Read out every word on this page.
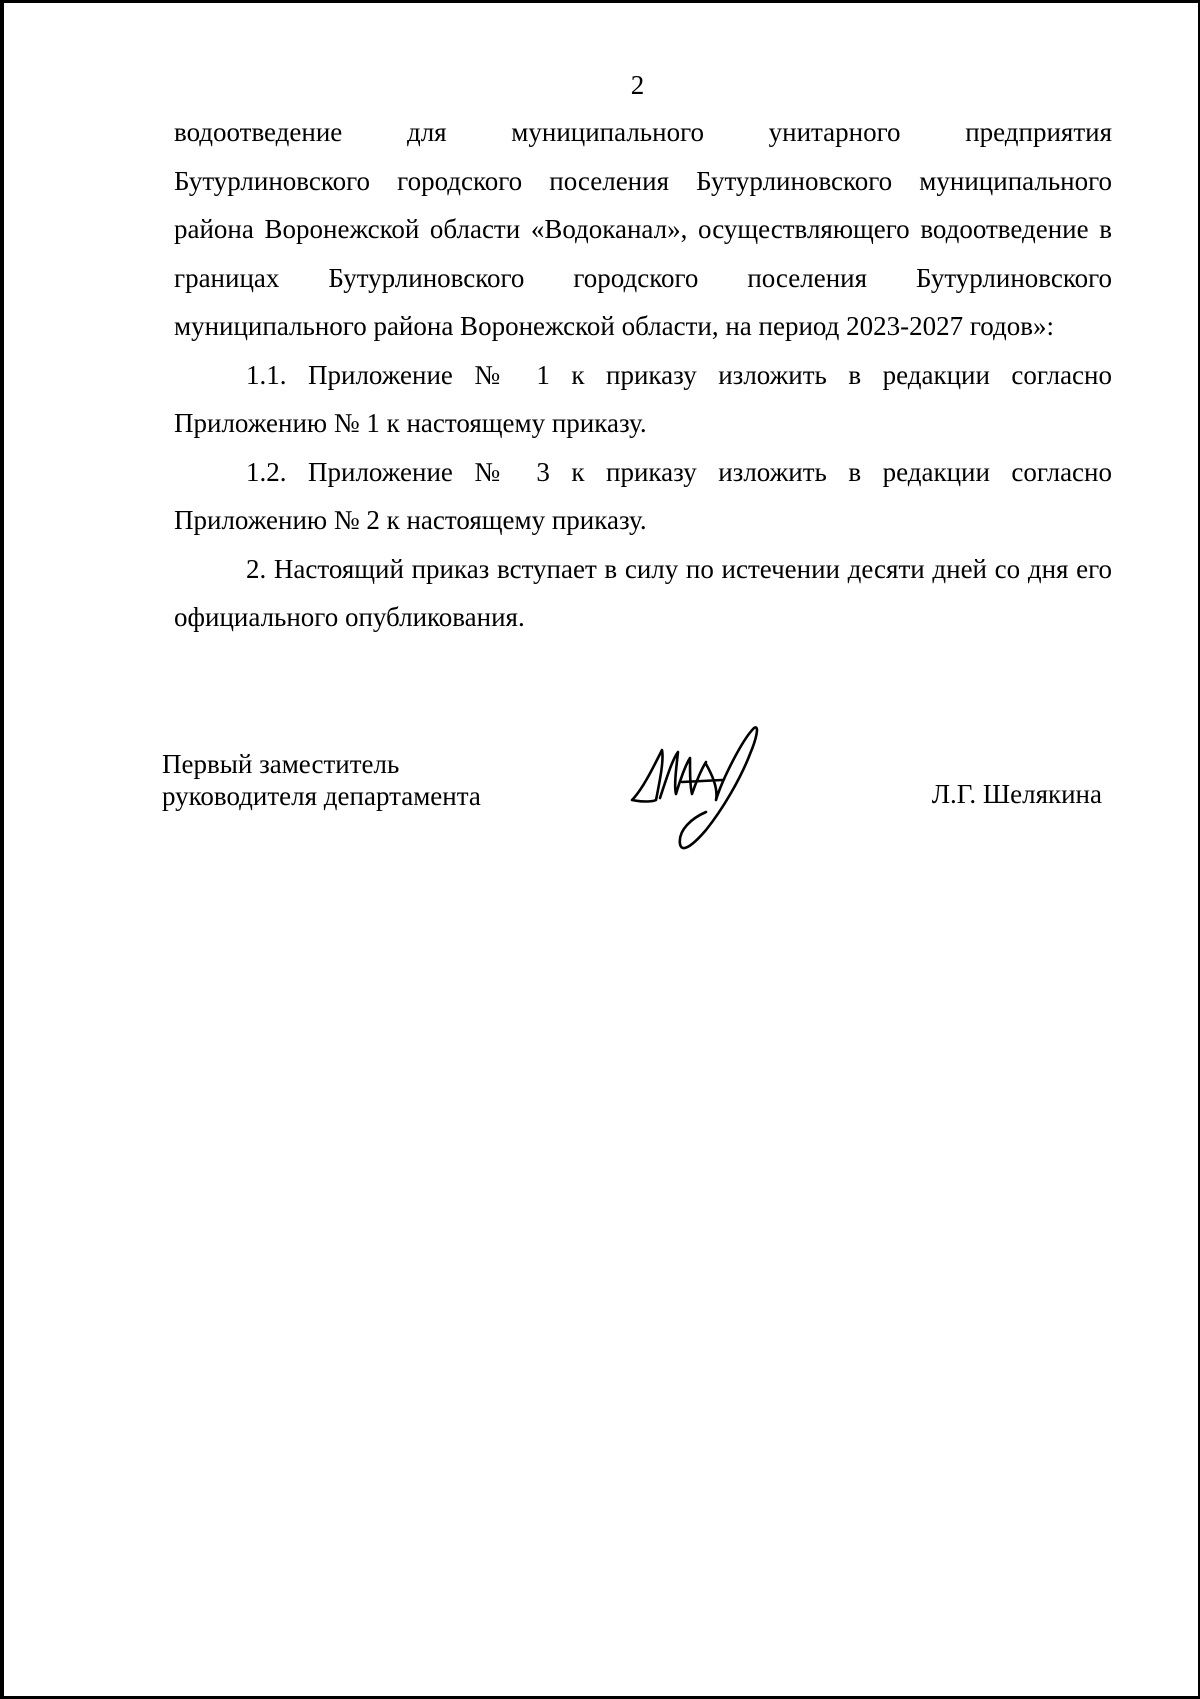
2

водоотведение для муниципального унитарного предприятия
Бутурлиновского городского поселения Бутурлиновского муниципального района Воронежской области «Водоканал», осуществляющего водоотведение в границах Бутурлиновского городского поселения Бутурлиновского муниципального района Воронежской области, на период 2023-2027 годов»:

1.1. Приложение № 1 к приказу изложить в редакции согласно Приложению № 1 к настоящему приказу.

1.2. Приложение № 3 к приказу изложить в редакции согласно Приложению № 2 к настоящему приказу.

2. Настоящий приказ вступает в силу по истечении десяти дней со дня его официального опубликования.

Первый заместитель
руководителя департамента	Л.Г. Шелякина
